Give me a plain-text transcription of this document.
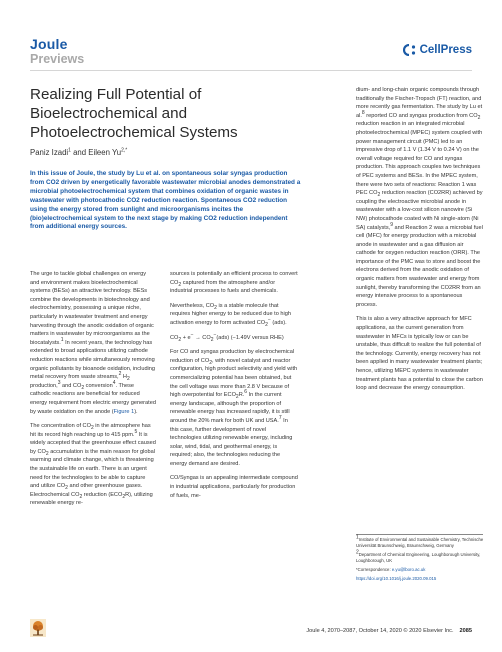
Joule
Previews
CellPress
Realizing Full Potential of Bioelectrochemical and Photoelectrochemical Systems
Paniz Izadi$^1$ and Eileen $Yu^{2,*}$
In this issue of Joule, the study by Lu et al. on spontaneous solar syngas production from CO2 driven by energetically favorable wastewater microbial anodes demonstrated a microbial photoelectrochemical system that combines oxidation of organic wastes in wastewater with photocathodic CO2 reduction reaction. Spontaneous CO2 reduction using the energy stored from sunlight and microorganisms incites the (bio)electrochemical system to the next stage by making CO2 reduction independent from additional energy sources.

The urge to tackle global challenges on energy and environment makes bioelectrochemical systems (BESs) an attractive technology. BESs combine the developments in biotechnology and electrochemistry, possessing a unique niche, particularly in wastewater treatment and energy harvesting through the anodic oxidation of organic matters in wastewater by microorganisms as the biocatalysts.$^1$ In recent years, the technology has extended to broad applications utilizing cathode reduction reactions while simultaneously removing organic pollutants by bioanode oxidation, including metal recovery from waste streams,$^2$ $H_2$ production,$^3$ and $CO_2$ conversion$^4$. These cathodic reactions are beneficial for reduced energy requirement from electric energy generated by waste oxidation on the anode (Figure 1).

The concentration of $CO_2$ in the atmosphere has hit its record high reaching up to 415 ppm.$^5$ It is widely accepted that the greenhouse effect caused by $CO_2$ accumulation is the main reason for global warming and climate change, which is threatening the sustainable life on earth. There is an urgent need for the technologies to be able to capture and utilize $CO_2$ and other greenhouse gases. Electrochemical $CO_2$ reduction $(ECO_2R)$, utilizing renewable energy re-

sources is potentially an efficient process to convert $CO_2$ captured from the atmosphere and/or industrial processes to fuels and chemicals.

Nevertheless, $CO_2$ is a stable molecule that requires higher energy to be reduced due to high activation energy to form activated $CO_2^-$ (ads).

$CO_2 + e^- \to CO_2^-(ads)$ (−1.49V versus RHE)

For CO and syngas production by electrochemical reduction of $CO_2$, with novel catalyst and reactor configuration, high product selectivity and yield with commercializing potential has been obtained, but the cell voltage was more than 2.8 V because of high overpotential for $ECO_2R.^6$ In the current energy landscape, although the proportion of renewable energy has increased rapidly, it is still around the 20% mark for both UK and USA.$^7$ In this case, further development of novel technologies utilizing renewable energy, including solar, wind, tidal, and geothermal energy, is required; also, the technologies reducing the energy demand are desired.

CO/Syngas is an appealing intermediate compound in industrial applications, particularly for production of fuels, me-

dium- and long-chain organic compounds through traditionally the Fischer-Tropsch (FT) reaction, and more recently gas fermentation. The study by Lu et al.$^8$ reported CO and syngas production from $CO_2$ reduction reaction in an integrated microbial photoelectrochemical (MPEC) system coupled with power management circuit (PMC) led to an impressive drop of 1.1 V (1.34 V to 0.24 V) on the overall voltage required for CO and syngas production. This approach couples two techniques of PEC systems and BESs. In the MPEC system, there were two sets of reactions: Reaction 1 was PEC $CO_2$ reduction reaction (CO2RR) achieved by coupling the electroactive microbial anode in wastewater with a low-cost silicon nanowire (Si NW) photocathode coated with Ni single-atom (Ni SA) catalysts,$^9$ and Reaction 2 was a microbial fuel cell (MFC) for energy production with a microbial anode in wastewater and a gas diffusion air cathode for oxygen reduction reaction (ORR). The importance of the PMC was to store and boost the electrons derived from the anodic oxidation of organic matters from wastewater and energy from sunlight, thereby transforming the CO2RR from an energy intensive process to a spontaneous process.

This is also a very attractive approach for MFC applications, as the current generation from wastewater in MFCs is typically low or can be unstable, thus difficult to realize the full potential of the technology. Currently, energy recovery has not been applied in many wastewater treatment plants; hence, utilizing MEPC systems in wastewater treatment plants has a potential to close the carbon loop and decrease the energy consumption.

$^1$Institute of Environmental and Sustainable Chemistry, Technische Universität Braunschweig, Braunschweig, Germany

$^2$Department of Chemical Engineering, Loughborough University, Loughborough, UK

*Correspondence: e.yu@lboro.ac.uk

https://doi.org/10.1016/j.joule.2020.09.015

Joule 4, 2070–2087, October 14, 2020 © 2020 Elsevier Inc. 2085
